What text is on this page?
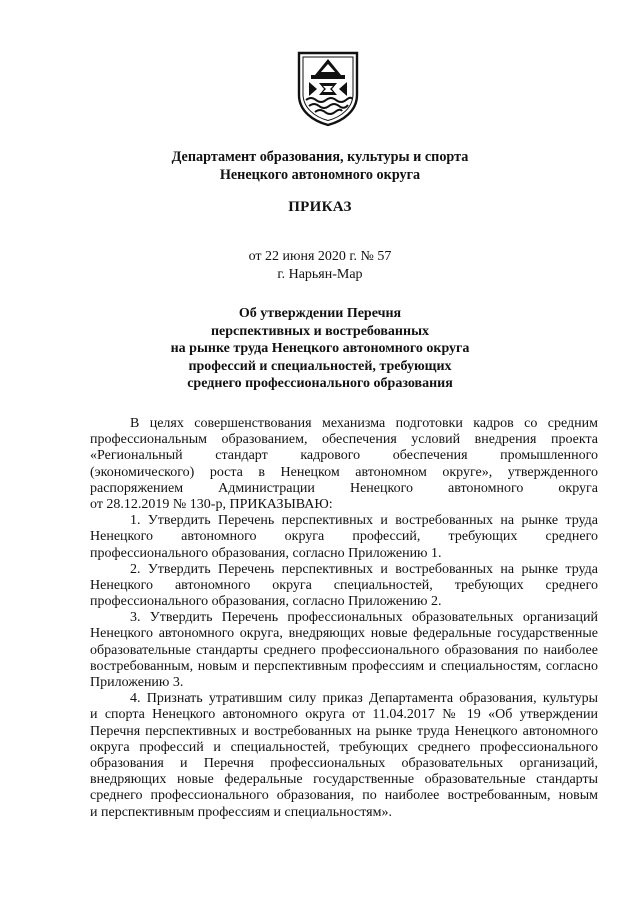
Департамент образования, культуры и спорта
Ненецкого автономного округа
ПРИКАЗ
от 22 июня 2020 г. № 57
г. Нарьян-Мар
Об утверждении Перечня
перспективных и востребованных
на рынке труда Ненецкого автономного округа
профессий и специальностей, требующих
среднего профессионального образования
В целях совершенствования механизма подготовки кадров со средним
профессиональным образованием, обеспечения условий внедрения проекта
«Региональный стандарт кадрового обеспечения промышленного
(экономического) роста в Ненецком автономном округе», утвержденного
распоряжением Администрации Ненецкого автономного округа
от 28.12.2019 № 130-р, ПРИКАЗЫВАЮ:
1. Утвердить Перечень перспективных и востребованных на рынке труда
Ненецкого автономного округа профессий, требующих среднего
профессионального образования, согласно Приложению 1.
2. Утвердить Перечень перспективных и востребованных на рынке труда
Ненецкого автономного округа специальностей, требующих среднего
профессионального образования, согласно Приложению 2.
3. Утвердить Перечень профессиональных образовательных организаций
Ненецкого автономного округа, внедряющих новые федеральные государственные
образовательные стандарты среднего профессионального образования по наиболее
востребованным, новым и перспективным профессиям и специальностям, согласно
Приложению 3.
4. Признать утратившим силу приказ Департамента образования, культуры
и спорта Ненецкого автономного округа от 11.04.2017 № 19 «Об утверждении
Перечня перспективных и востребованных на рынке труда Ненецкого автономного
округа профессий и специальностей, требующих среднего профессионального
образования и Перечня профессиональных образовательных организаций,
внедряющих новые федеральные государственные образовательные стандарты
среднего профессионального образования, по наиболее востребованным, новым
и перспективным профессиям и специальностям».
